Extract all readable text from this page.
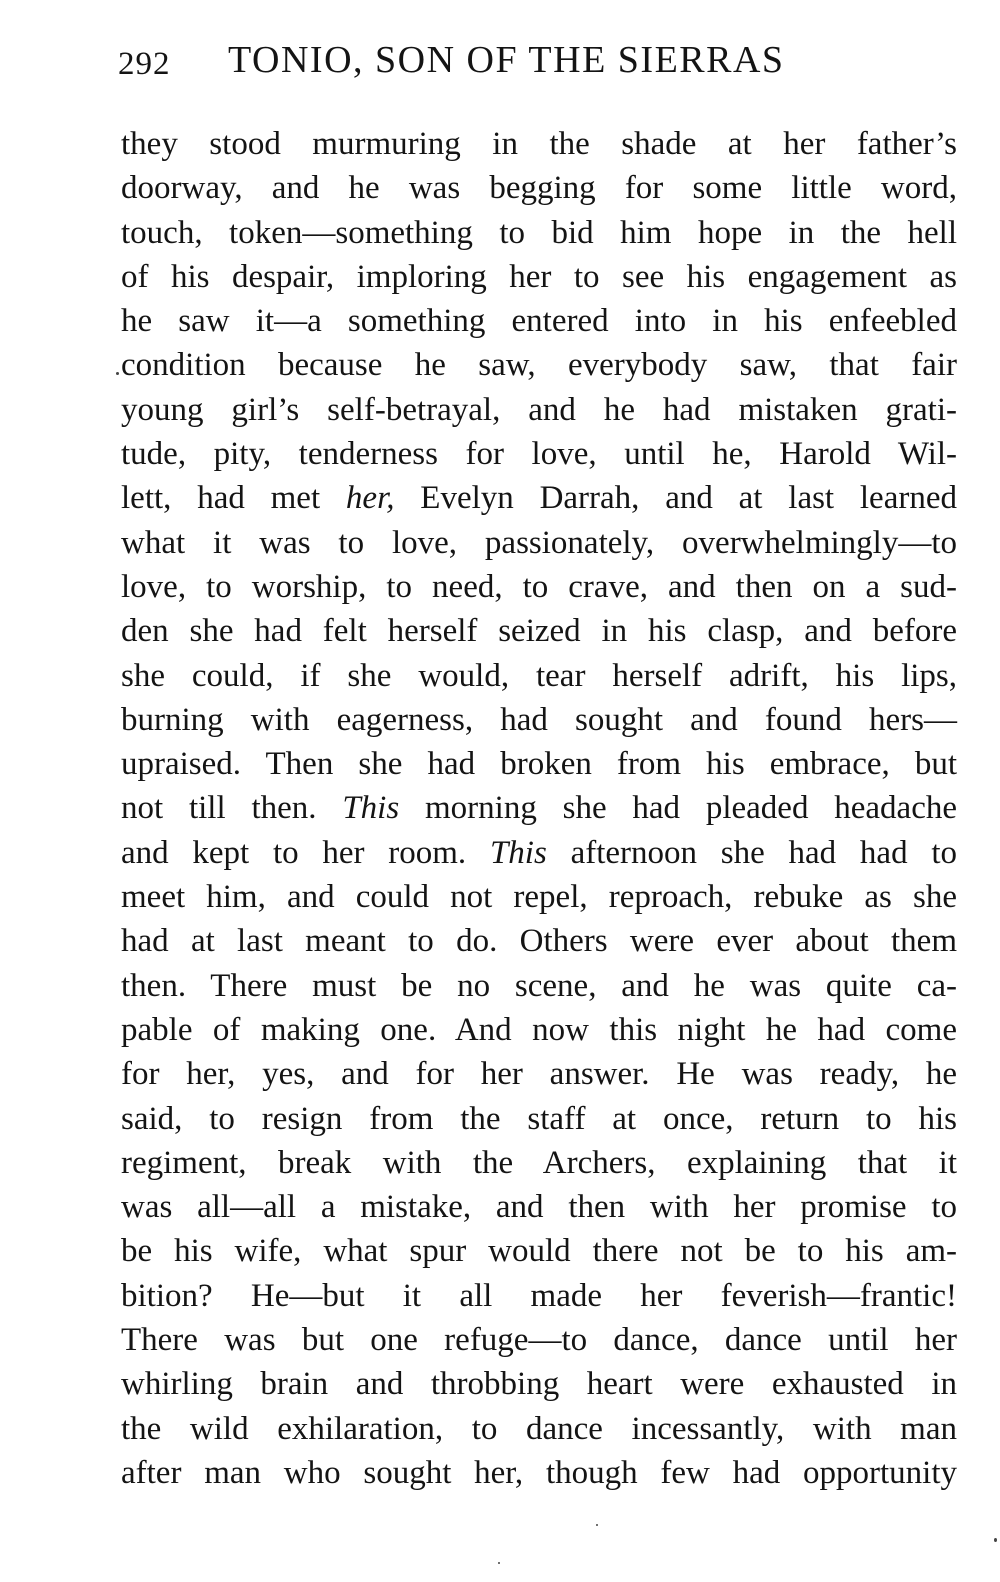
292 TONIO, SON OF THE SIERRAS
they stood murmuring in the shade at her father’s
doorway, and he was begging for some little word,
touch, token—something to bid him hope in the hell
of his despair, imploring her to see his engagement as
he saw it—a something entered into in his enfeebled
condition because he saw, everybody saw, that fair
young girl’s self-betrayal, and he had mistaken grati-
tude, pity, tenderness for love, until he, Harold Wil-
lett, had met her, Evelyn Darrah, and at last learned
what it was to love, passionately, overwhelmingly—to
love, to worship, to need, to crave, and then on a sud-
den she had felt herself seized in his clasp, and before
she could, if she would, tear herself adrift, his lips,
burning with eagerness, had sought and found hers—
upraised. Then she had broken from his embrace, but
not till then. This morning she had pleaded headache
and kept to her room. This afternoon she had had to
meet him, and could not repel, reproach, rebuke as she
had at last meant to do. Others were ever about them
then. There must be no scene, and he was quite ca-
pable of making one. And now this night he had come
for her, yes, and for her answer. He was ready, he
said, to resign from the staff at once, return to his
regiment, break with the Archers, explaining that it
was all—all a mistake, and then with her promise to
be his wife, what spur would there not be to his am-
bition? He—but it all made her feverish—frantic!
There was but one refuge—to dance, dance until her
whirling brain and throbbing heart were exhausted in
the wild exhilaration, to dance incessantly, with man
after man who sought her, though few had opportunity
